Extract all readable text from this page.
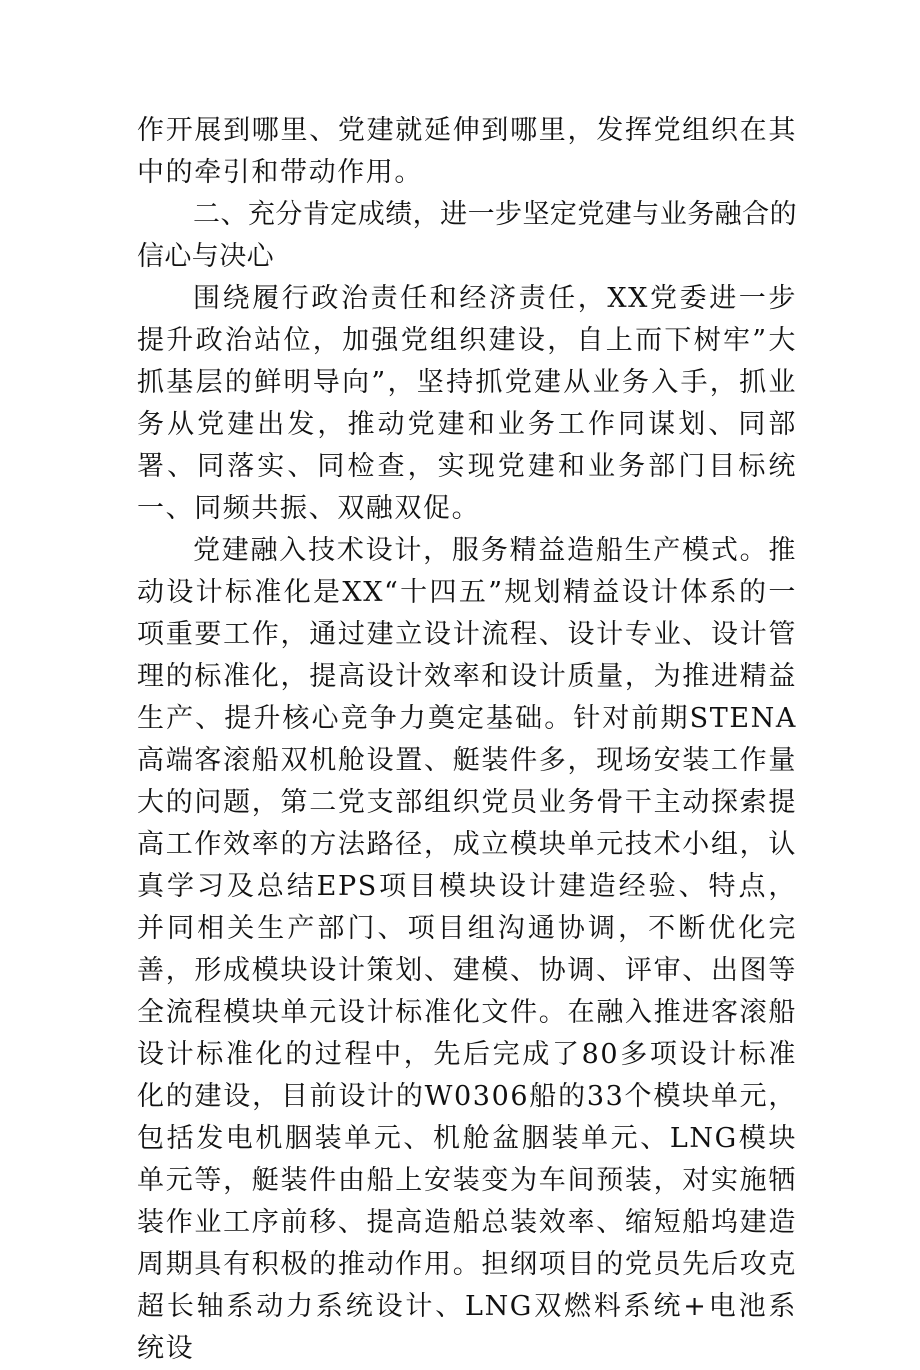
作开展到哪里、党建就延伸到哪里，发挥党组织在其中的牵引和带动作用。

二、充分肯定成绩，进一步坚定党建与业务融合的信心与决心

围绕履行政治责任和经济责任，XX党委进一步提升政治站位，加强党组织建设，自上而下树牢”大抓基层的鲜明导向”，坚持抓党建从业务入手，抓业务从党建出发，推动党建和业务工作同谋划、同部署、同落实、同检查，实现党建和业务部门目标统一、同频共振、双融双促。

党建融入技术设计，服务精益造船生产模式。推动设计标准化是XX“十四五”规划精益设计体系的一项重要工作，通过建立设计流程、设计专业、设计管理的标准化，提高设计效率和设计质量，为推进精益生产、提升核心竞争力奠定基础。针对前期STENA高端客滚船双机舱设置、艇装件多，现场安装工作量大的问题，第二党支部组织党员业务骨干主动探索提高工作效率的方法路径，成立模块单元技术小组，认真学习及总结EPS项目模块设计建造经验、特点，并同相关生产部门、项目组沟通协调，不断优化完善，形成模块设计策划、建模、协调、评审、出图等全流程模块单元设计标准化文件。在融入推进客滚船设计标准化的过程中，先后完成了80多项设计标准化的建设，目前设计的W0306船的33个模块单元，包括发电机胭装单元、机舱盆胭装单元、LNG模块单元等，艇装件由船上安装变为车间预装，对实施牺装作业工序前移、提高造船总装效率、缩短船坞建造周期具有积极的推动作用。担纲项目的党员先后攻克超长轴系动力系统设计、LNG双燃料系统+电池系统设
